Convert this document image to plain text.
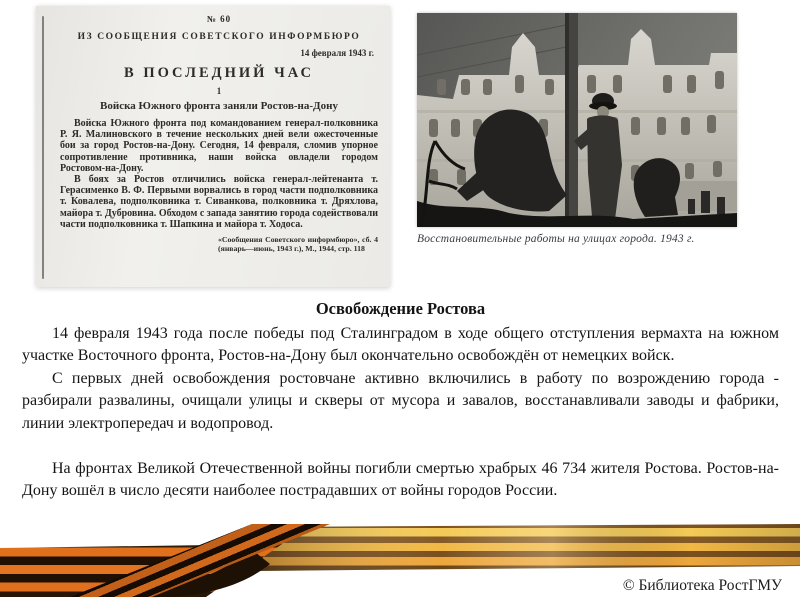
№ 60
ИЗ СООБЩЕНИЯ СОВЕТСКОГО ИНФОРМБЮРО
14 февраля 1943 г.
В ПОСЛЕДНИЙ ЧАС
1
Войска Южного фронта заняли Ростов-на-Дону

Войска Южного фронта под командованием генерал-полковника Р. Я. Малиновского в течение нескольких дней вели ожесточенные бои за город Ростов-на-Дону. Сегодня, 14 февраля, сломив упорное сопротивление противника, наши войска овладели городом Ростовом-на-Дону.

В боях за Ростов отличились войска генерал-лейтенанта т. Герасименко В. Ф. Первыми ворвались в город части подполковника т. Ковалева, подполковника т. Сиванкова, полковника т. Дряхлова, майора т. Дубровина. Обходом с запада занятию города содействовали части подполковника т. Шапкина и майора т. Ходоса.

«Сообщения Советского информбюро», сб. 4 (январь—июнь, 1943 г.), М., 1944, стр. 118
Восстановительные работы на улицах города. 1943 г.
Освобождение Ростова

14 февраля 1943 года после победы под Сталинградом в ходе общего отступления вермахта на южном участке Восточного фронта, Ростов-на-Дону был окончательно освобождён от немецких войск.

С первых дней освобождения ростовчане активно включились в работу по возрождению города - разбирали развалины, очищали улицы и скверы от мусора и завалов, восстанавливали заводы и фабрики, линии электропередач и водопровод.

На фронтах Великой Отечественной войны погибли смертью храбрых 46 734 жителя Ростова. Ростов-на-Дону вошёл в число десяти наиболее пострадавших от войны городов России.

© Библиотека РостГМУ
